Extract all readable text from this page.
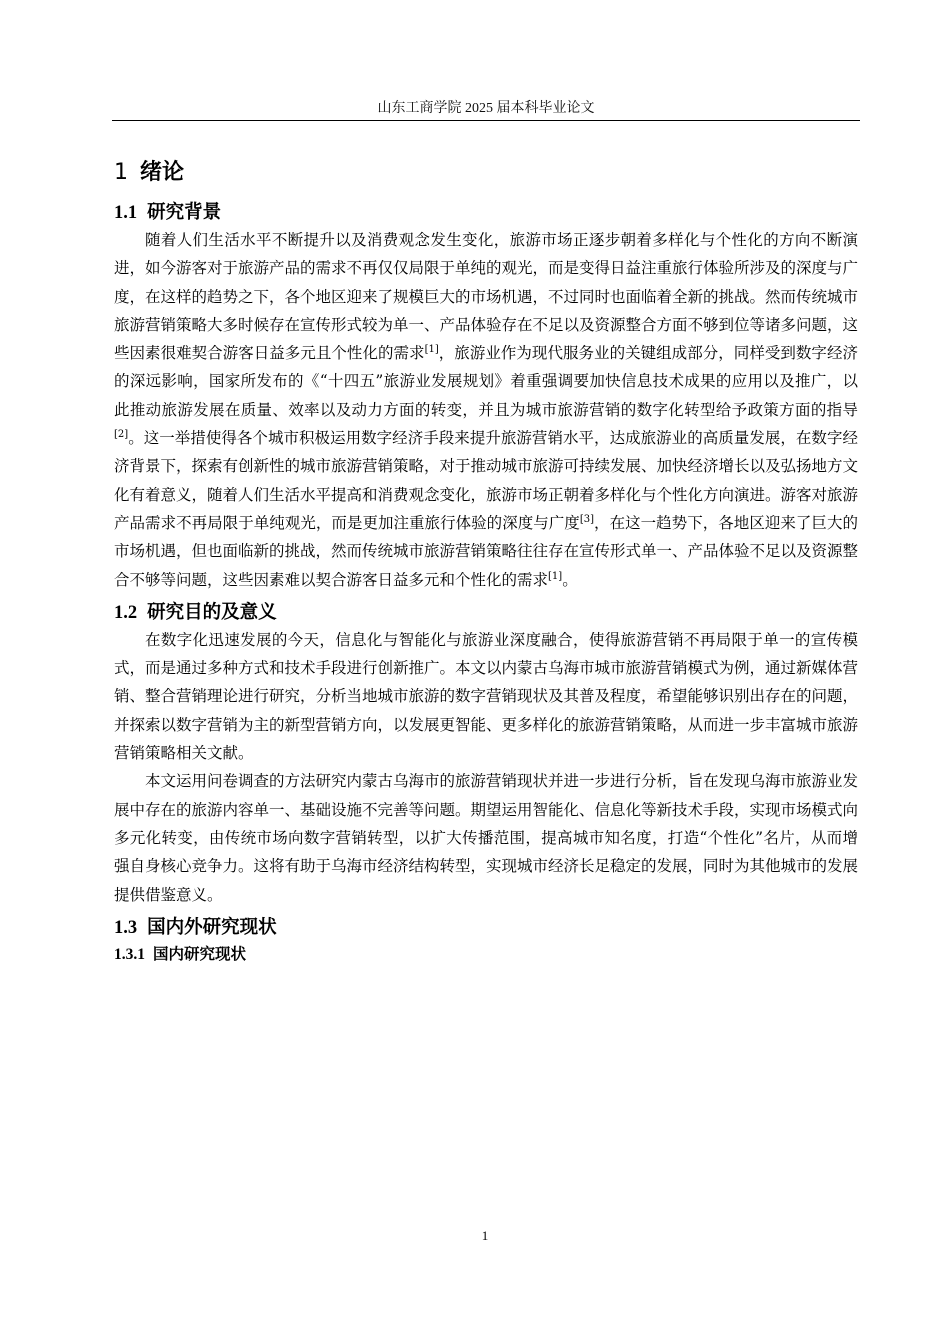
山东工商学院 2025 届本科毕业论文
1 绪论
1.1 研究背景

随着人们生活水平不断提升以及消费观念发生变化，旅游市场正逐步朝着多样化与个性化的方向不断演进，如今游客对于旅游产品的需求不再仅仅局限于单纯的观光，而是变得日益注重旅行体验所涉及的深度与广度，在这样的趋势之下，各个地区迎来了规模巨大的市场机遇，不过同时也面临着全新的挑战。然而传统城市旅游营销策略大多时候存在宣传形式较为单一、产品体验存在不足以及资源整合方面不够到位等诸多问题，这些因素很难契合游客日益多元且个性化的需求[1]，旅游业作为现代服务业的关键组成部分，同样受到数字经济的深远影响，国家所发布的《“十四五”旅游业发展规划》着重强调要加快信息技术成果的应用以及推广，以此推动旅游发展在质量、效率以及动力方面的转变，并且为城市旅游营销的数字化转型给予政策方面的指导[2]。这一举措使得各个城市积极运用数字经济手段来提升旅游营销水平，达成旅游业的高质量发展，在数字经济背景下，探索有创新性的城市旅游营销策略，对于推动城市旅游可持续发展、加快经济增长以及弘扬地方文化有着意义，随着人们生活水平提高和消费观念变化，旅游市场正朝着多样化与个性化方向演进。游客对旅游产品需求不再局限于单纯观光，而是更加注重旅行体验的深度与广度[3]，在这一趋势下，各地区迎来了巨大的市场机遇，但也面临新的挑战，然而传统城市旅游营销策略往往存在宣传形式单一、产品体验不足以及资源整合不够等问题，这些因素难以契合游客日益多元和个性化的需求[1]。

1.2 研究目的及意义

在数字化迅速发展的今天，信息化与智能化与旅游业深度融合，使得旅游营销不再局限于单一的宣传模式，而是通过多种方式和技术手段进行创新推广。本文以内蒙古乌海市城市旅游营销模式为例，通过新媒体营销、整合营销理论进行研究，分析当地城市旅游的数字营销现状及其普及程度，希望能够识别出存在的问题，并探索以数字营销为主的新型营销方向，以发展更智能、更多样化的旅游营销策略，从而进一步丰富城市旅游营销策略相关文献。

本文运用问卷调查的方法研究内蒙古乌海市的旅游营销现状并进一步进行分析，旨在发现乌海市旅游业发展中存在的旅游内容单一、基础设施不完善等问题。期望运用智能化、信息化等新技术手段，实现市场模式向多元化转变，由传统市场向数字营销转型，以扩大传播范围，提高城市知名度，打造“个性化”名片，从而增强自身核心竞争力。这将有助于乌海市经济结构转型，实现城市经济长足稳定的发展，同时为其他城市的发展提供借鉴意义。

1.3 国内外研究现状
1.3.1 国内研究现状
1
